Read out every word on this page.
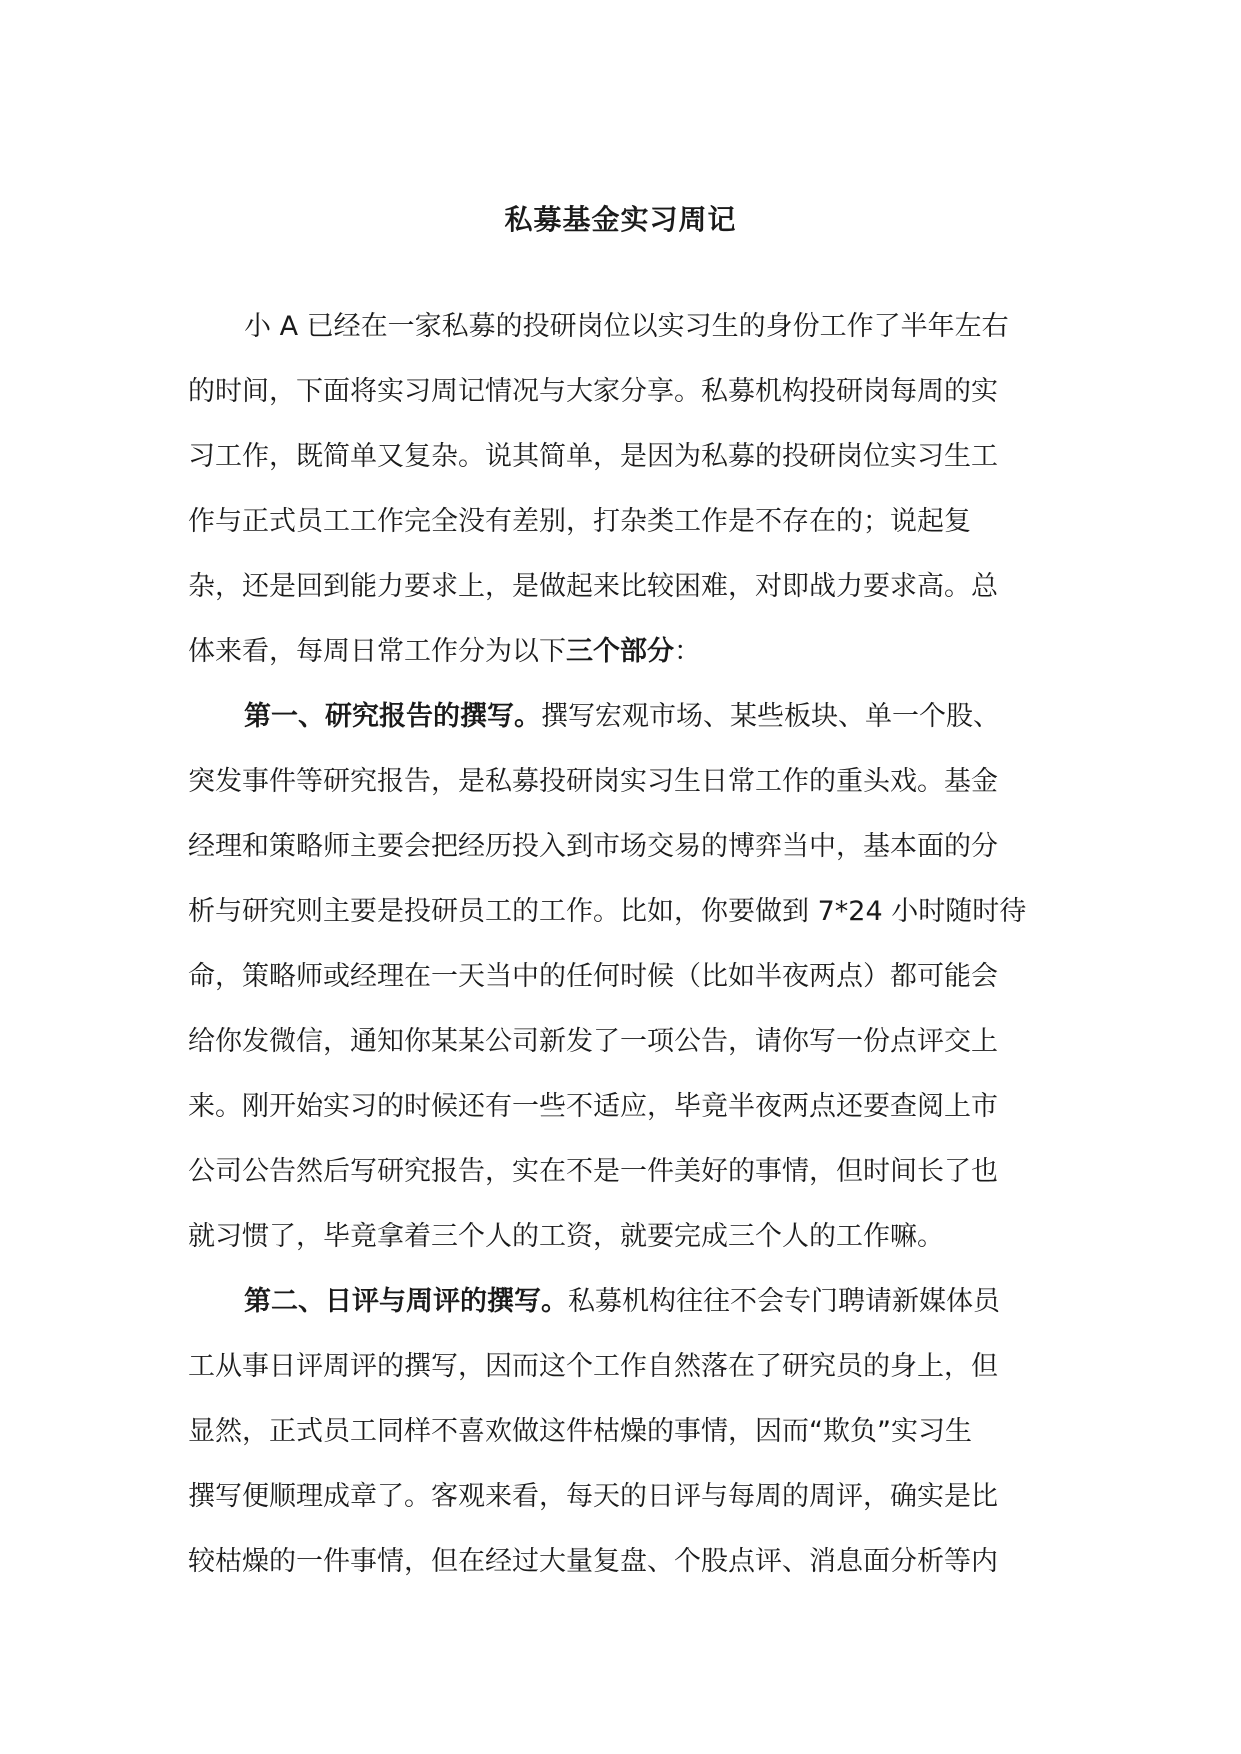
私募基金实习周记
小 A 已经在一家私募的投研岗位以实习生的身份工作了半年左右
的时间，下面将实习周记情况与大家分享。私募机构投研岗每周的实
习工作，既简单又复杂。说其简单，是因为私募的投研岗位实习生工
作与正式员工工作完全没有差别，打杂类工作是不存在的；说起复
杂，还是回到能力要求上，是做起来比较困难，对即战力要求高。总
体来看，每周日常工作分为以下三个部分：
第一、研究报告的撰写。撰写宏观市场、某些板块、单一个股、
突发事件等研究报告，是私募投研岗实习生日常工作的重头戏。基金
经理和策略师主要会把经历投入到市场交易的博弈当中，基本面的分
析与研究则主要是投研员工的工作。比如，你要做到 7*24 小时随时待
命，策略师或经理在一天当中的任何时候（比如半夜两点）都可能会
给你发微信，通知你某某公司新发了一项公告，请你写一份点评交上
来。刚开始实习的时候还有一些不适应，毕竟半夜两点还要查阅上市
公司公告然后写研究报告，实在不是一件美好的事情，但时间长了也
就习惯了，毕竟拿着三个人的工资，就要完成三个人的工作嘛。
第二、日评与周评的撰写。私募机构往往不会专门聘请新媒体员
工从事日评周评的撰写，因而这个工作自然落在了研究员的身上，但
显然，正式员工同样不喜欢做这件枯燥的事情，因而“欺负”实习生
撰写便顺理成章了。客观来看，每天的日评与每周的周评，确实是比
较枯燥的一件事情，但在经过大量复盘、个股点评、消息面分析等内
